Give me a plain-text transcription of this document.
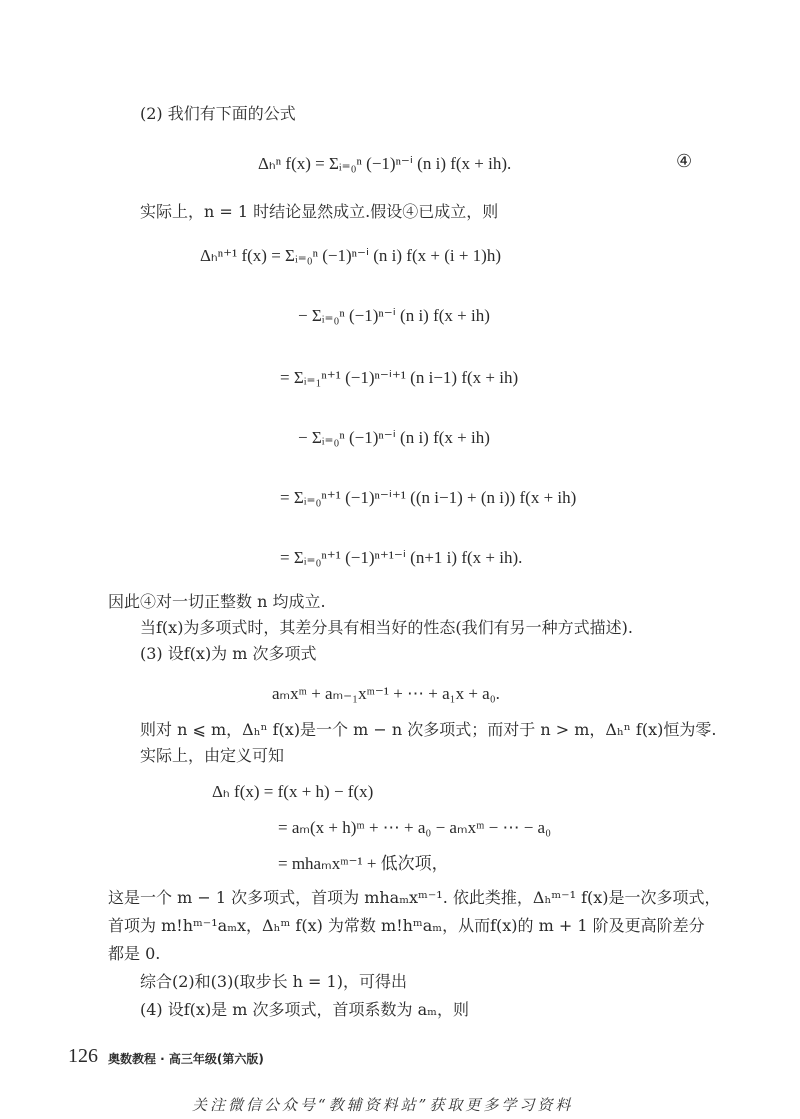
(2) 我们有下面的公式
Δₕⁿ f(x) = Σᵢ₌₀ⁿ (−1)ⁿ⁻ⁱ (n i) f(x + ih).	④
实际上，n = 1 时结论显然成立.假设④已成立，则
Δₕⁿ⁺¹ f(x) = Σᵢ₌₀ⁿ (−1)ⁿ⁻ⁱ (n i) f(x + (i + 1)h)
− Σᵢ₌₀ⁿ (−1)ⁿ⁻ⁱ (n i) f(x + ih)
= Σᵢ₌₁ⁿ⁺¹ (−1)ⁿ⁻ⁱ⁺¹ (n i−1) f(x + ih)
− Σᵢ₌₀ⁿ (−1)ⁿ⁻ⁱ (n i) f(x + ih)
= Σᵢ₌₀ⁿ⁺¹ (−1)ⁿ⁻ⁱ⁺¹ ((n i−1) + (n i)) f(x + ih)
= Σᵢ₌₀ⁿ⁺¹ (−1)ⁿ⁺¹⁻ⁱ (n+1 i) f(x + ih).
因此④对一切正整数 n 均成立.
当f(x)为多项式时，其差分具有相当好的性态(我们有另一种方式描述).
(3) 设f(x)为 m 次多项式
aₘxᵐ + aₘ₋₁xᵐ⁻¹ + ⋯ + a₁x + a₀.
则对 n ⩽ m，Δₕⁿ f(x)是一个 m − n 次多项式；而对于 n > m，Δₕⁿ f(x)恒为零.
实际上，由定义可知
Δₕ f(x) = f(x + h) − f(x)
= aₘ(x + h)ᵐ + ⋯ + a₀ − aₘxᵐ − ⋯ − a₀
= mhaₘxᵐ⁻¹ + 低次项，
这是一个 m − 1 次多项式，首项为 mhaₘxᵐ⁻¹. 依此类推，Δₕᵐ⁻¹ f(x)是一次多项式，
首项为 m!hᵐ⁻¹aₘx，Δₕᵐ f(x) 为常数 m!hᵐaₘ，从而f(x)的 m + 1 阶及更高阶差分
都是 0.
综合(2)和(3)(取步长 h = 1)，可得出
(4) 设f(x)是 m 次多项式，首项系数为 aₘ，则
126 奥数教程 · 高三年级(第六版)
关注微信公众号“教辅资料站”获取更多学习资料
